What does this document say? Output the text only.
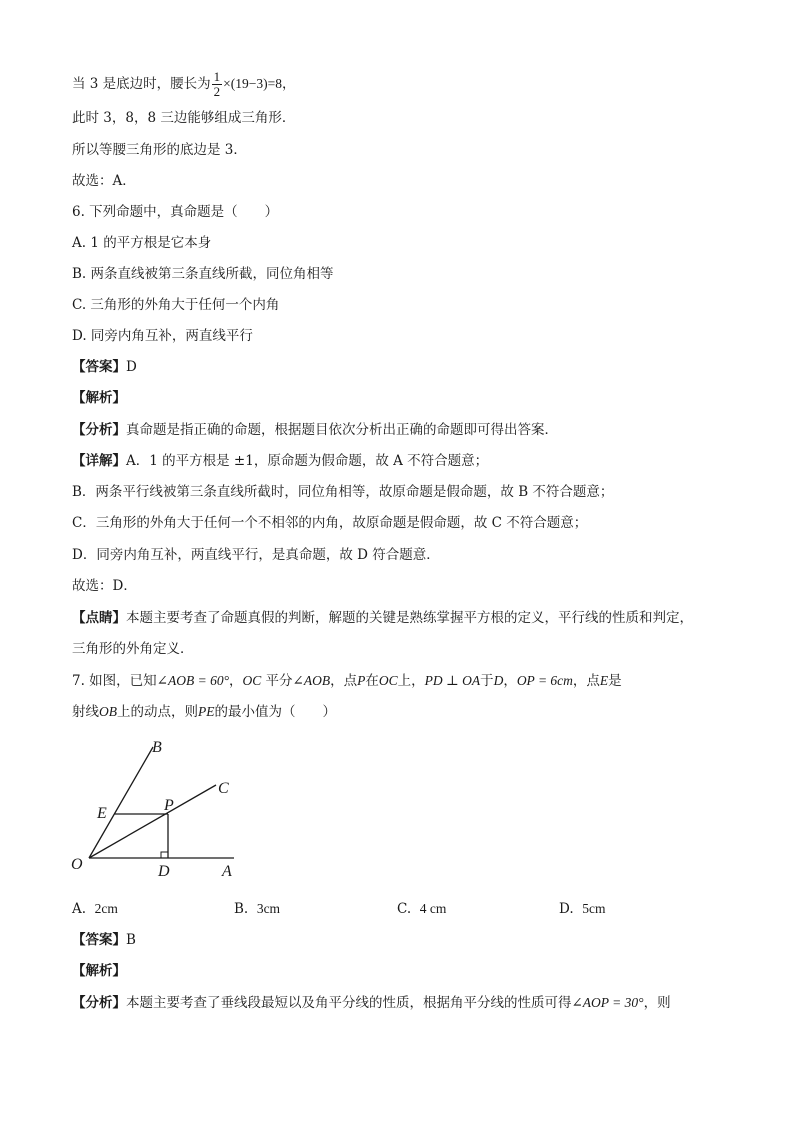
当 3 是底边时，腰长为 $\frac{1}{2} \times(19-3)=8$，
此时 3，8，8 三边能够组成三角形．
所以等腰三角形的底边是 3．
故选：A．
6. 下列命题中，真命题是（　　）
A. 1 的平方根是它本身
B. 两条直线被第三条直线所截，同位角相等
C. 三角形的外角大于任何一个内角
D. 同旁内角互补，两直线平行
【答案】D
【解析】
【分析】真命题是指正确的命题，根据题目依次分析出正确的命题即可得出答案．
【详解】A．1 的平方根是 ±1，原命题为假命题，故 A 不符合题意；
B．两条平行线被第三条直线所截时，同位角相等，故原命题是假命题，故 B 不符合题意；
C．三角形的外角大于任何一个不相邻的内角，故原命题是假命题，故 C 不符合题意；
D．同旁内角互补，两直线平行，是真命题，故 D 符合题意．
故选：D．
【点睛】本题主要考查了命题真假的判断，解题的关键是熟练掌握平方根的定义，平行线的性质和判定，
三角形的外角定义．
7. 如图，已知∠AOB = 60°，OC 平分∠AOB，点P在OC上，PD ⊥ OA于D，OP = 6cm，点E是
射线OB上的动点，则PE的最小值为（　　）
B
C
E	P
O	D	A
A. 2cm	B. 3cm	C. 4 cm	D. 5cm
【答案】B
【解析】
【分析】本题主要考查了垂线段最短以及角平分线的性质，根据角平分线的性质可得∠AOP = 30°，则
